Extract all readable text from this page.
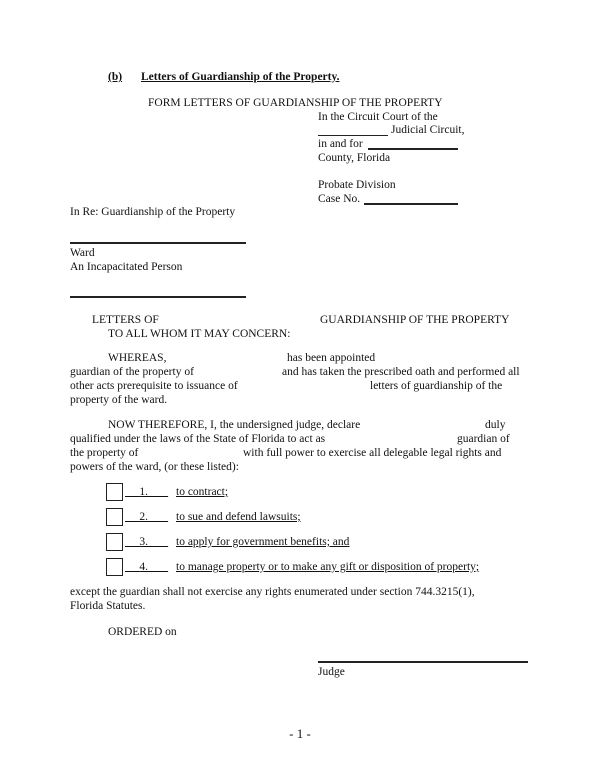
(b) Letters of Guardianship of the Property.
FORM LETTERS OF GUARDIANSHIP OF THE PROPERTY
In the Circuit Court of the
Judicial Circuit,
in and for
County, Florida
Probate Division
Case No.
In Re: Guardianship of the Property
Ward
An Incapacitated Person
LETTERS OF	GUARDIANSHIP OF THE PROPERTY
TO ALL WHOM IT MAY CONCERN:
WHEREAS,	has been appointed
guardian of the property of	and has taken the prescribed oath and performed all
other acts prerequisite to issuance of	letters of guardianship of the
property of the ward.
NOW THEREFORE, I, the undersigned judge, declare	duly
qualified under the laws of the State of Florida to act as	guardian of
the property of	with full power to exercise all delegable legal rights and
powers of the ward, (or these listed):
1.	to contract;
2.	to sue and defend lawsuits;
3.	to apply for government benefits; and
4.	to manage property or to make any gift or disposition of property;
except the guardian shall not exercise any rights enumerated under section 744.3215(1),
Florida Statutes.
ORDERED on
Judge
- 1 -
